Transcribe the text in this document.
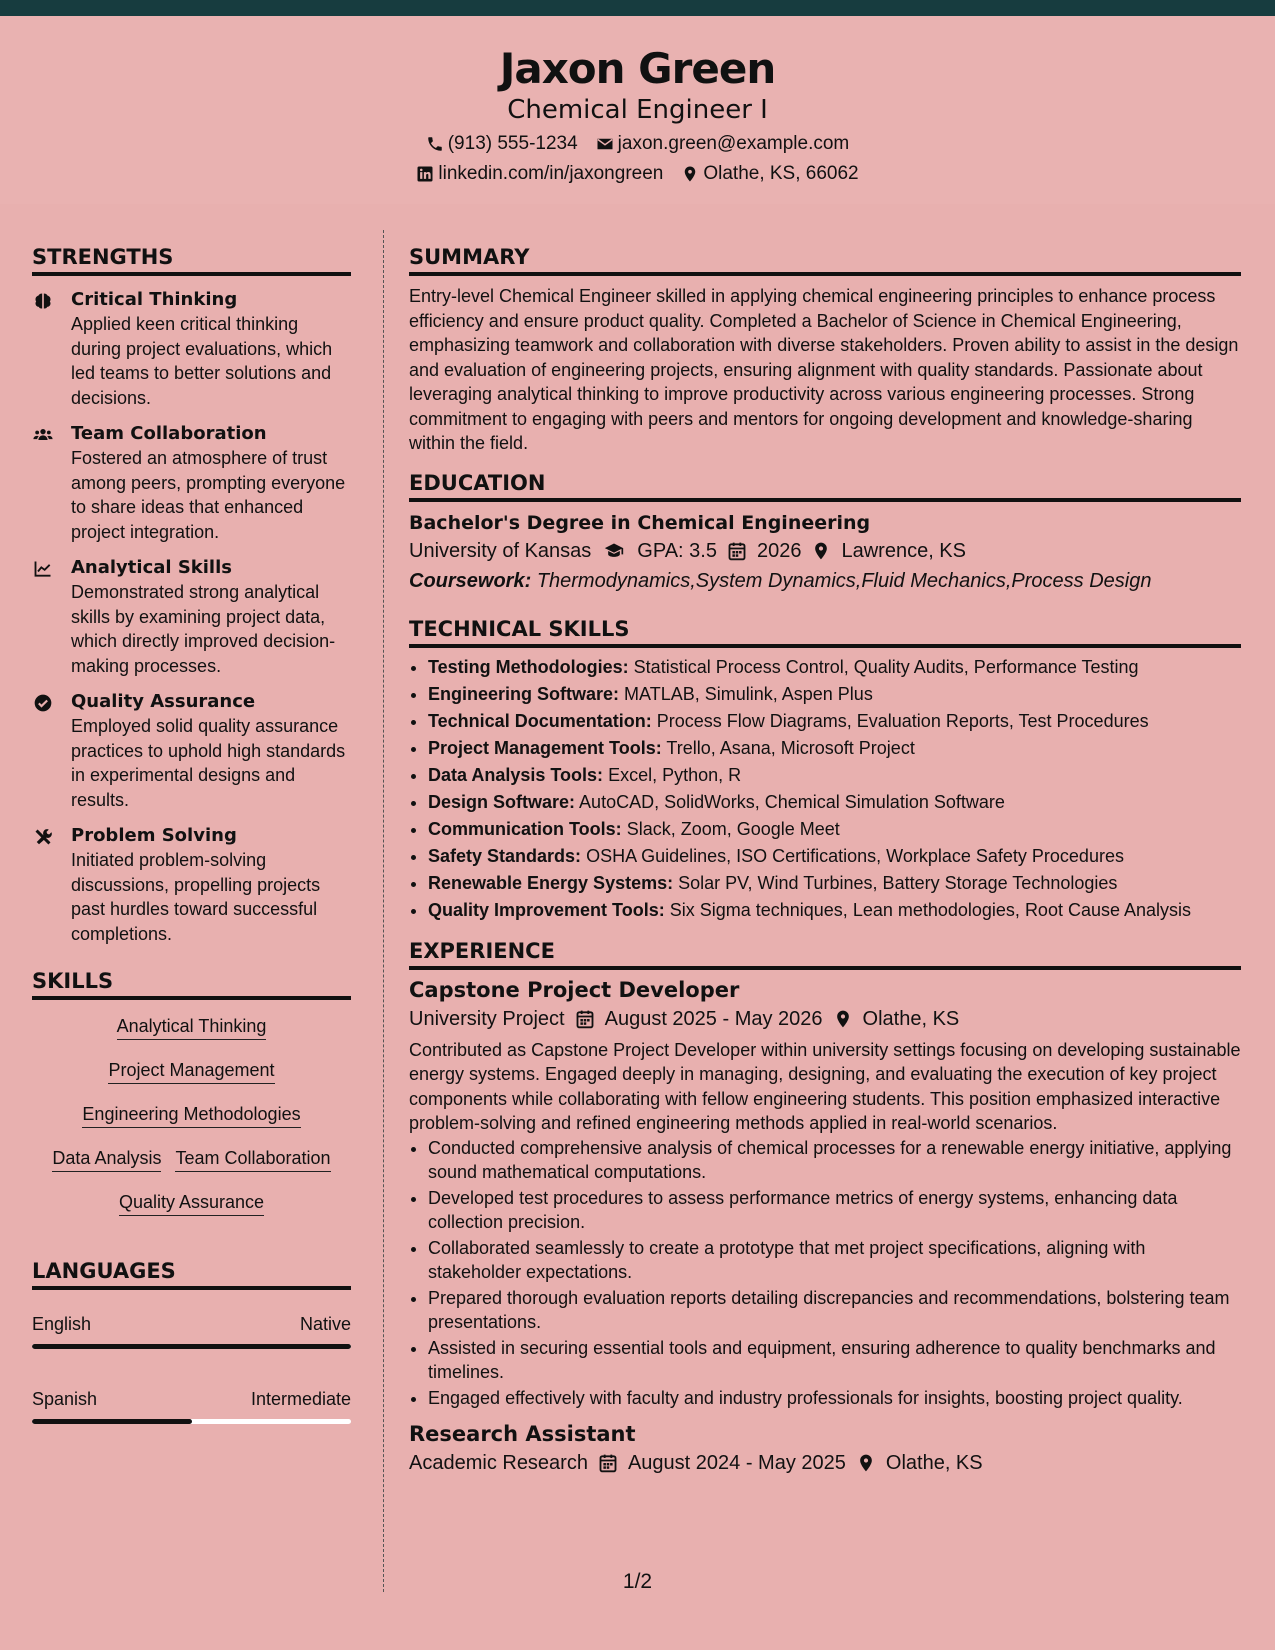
Jaxon Green
Chemical Engineer I
(913) 555-1234 jaxon.green@example.com
linkedin.com/in/jaxongreen Olathe, KS, 66062
STRENGTHS
Critical Thinking
Applied keen critical thinking during project evaluations, which led teams to better solutions and decisions.
Team Collaboration
Fostered an atmosphere of trust among peers, prompting everyone to share ideas that enhanced project integration.
Analytical Skills
Demonstrated strong analytical skills by examining project data, which directly improved decision-making processes.
Quality Assurance
Employed solid quality assurance practices to uphold high standards in experimental designs and results.
Problem Solving
Initiated problem-solving discussions, propelling projects past hurdles toward successful completions.
SKILLS
Analytical Thinking
Project Management
Engineering Methodologies
Data Analysis Team Collaboration
Quality Assurance
LANGUAGES
English	Native
Spanish	Intermediate
SUMMARY
Entry-level Chemical Engineer skilled in applying chemical engineering principles to enhance process efficiency and ensure product quality. Completed a Bachelor of Science in Chemical Engineering, emphasizing teamwork and collaboration with diverse stakeholders. Proven ability to assist in the design and evaluation of engineering projects, ensuring alignment with quality standards. Passionate about leveraging analytical thinking to improve productivity across various engineering processes. Strong commitment to engaging with peers and mentors for ongoing development and knowledge-sharing within the field.
EDUCATION
Bachelor's Degree in Chemical Engineering
University of Kansas GPA: 3.5 2026 Lawrence, KS
Coursework: Thermodynamics,System Dynamics,Fluid Mechanics,Process Design
TECHNICAL SKILLS
• Testing Methodologies: Statistical Process Control, Quality Audits, Performance Testing
• Engineering Software: MATLAB, Simulink, Aspen Plus
• Technical Documentation: Process Flow Diagrams, Evaluation Reports, Test Procedures
• Project Management Tools: Trello, Asana, Microsoft Project
• Data Analysis Tools: Excel, Python, R
• Design Software: AutoCAD, SolidWorks, Chemical Simulation Software
• Communication Tools: Slack, Zoom, Google Meet
• Safety Standards: OSHA Guidelines, ISO Certifications, Workplace Safety Procedures
• Renewable Energy Systems: Solar PV, Wind Turbines, Battery Storage Technologies
• Quality Improvement Tools: Six Sigma techniques, Lean methodologies, Root Cause Analysis
EXPERIENCE
Capstone Project Developer
University Project August 2025 - May 2026 Olathe, KS
Contributed as Capstone Project Developer within university settings focusing on developing sustainable energy systems. Engaged deeply in managing, designing, and evaluating the execution of key project components while collaborating with fellow engineering students. This position emphasized interactive problem-solving and refined engineering methods applied in real-world scenarios.
• Conducted comprehensive analysis of chemical processes for a renewable energy initiative, applying sound mathematical computations.
• Developed test procedures to assess performance metrics of energy systems, enhancing data collection precision.
• Collaborated seamlessly to create a prototype that met project specifications, aligning with stakeholder expectations.
• Prepared thorough evaluation reports detailing discrepancies and recommendations, bolstering team presentations.
• Assisted in securing essential tools and equipment, ensuring adherence to quality benchmarks and timelines.
• Engaged effectively with faculty and industry professionals for insights, boosting project quality.
Research Assistant
Academic Research August 2024 - May 2025 Olathe, KS
1/2
